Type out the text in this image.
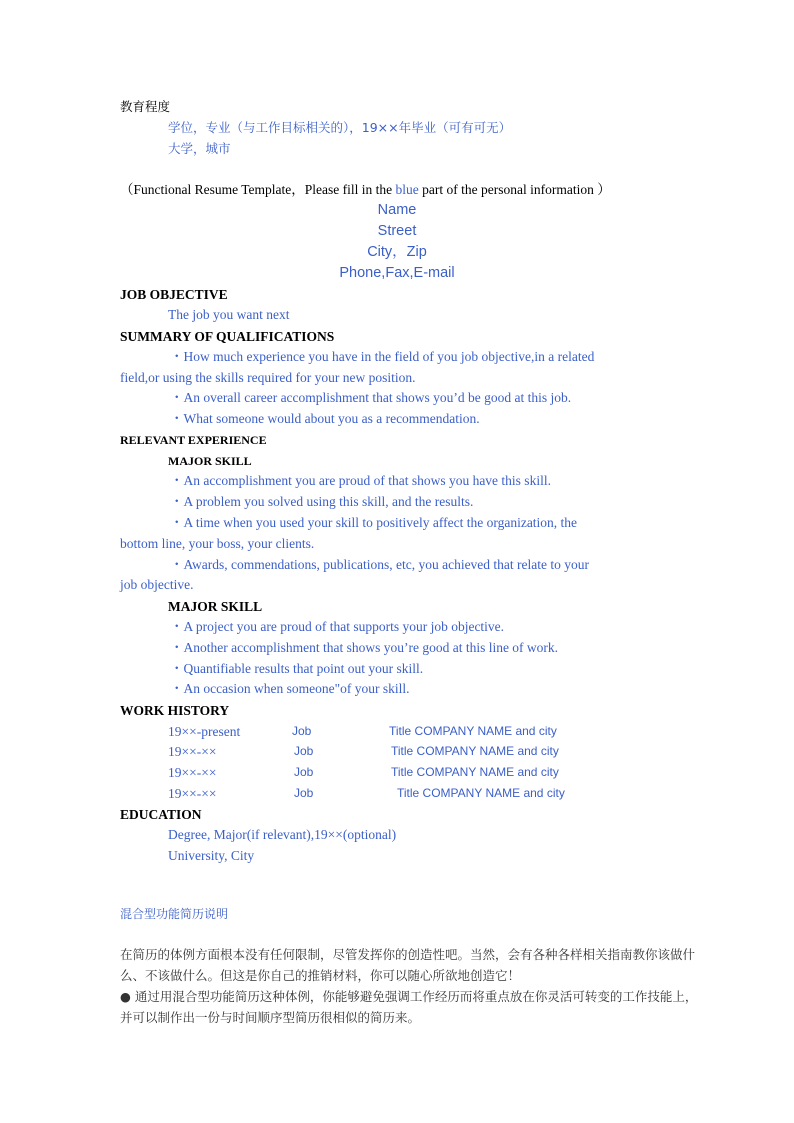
教育程度
学位，专业（与工作目标相关的），19××年毕业（可有可无）
大学，城市
（Functional Resume Template，Please fill in the blue part of the personal information ）
Name
Street
City，Zip
Phone,Fax,E-mail
JOB OBJECTIVE
The job you want next
SUMMARY OF QUALIFICATIONS
・How much experience you have in the field of you job objective,in a related
field,or using the skills required for your new position.
・An overall career accomplishment that shows you’d be good at this job.
・What someone would about you as a recommendation.
RELEVANT EXPERIENCE
MAJOR SKILL
・An accomplishment you are proud of that shows you have this skill.
・A problem you solved using this skill, and the results.
・A time when you used your skill to positively affect the organization, the
bottom line, your boss, your clients.
・Awards, commendations, publications, etc, you achieved that relate to your
job objective.
MAJOR SKILL
・A project you are proud of that supports your job objective.
・Another accomplishment that shows you’re good at this line of work.
・Quantifiable results that point out your skill.
・An occasion when someone"of your skill.
WORK HISTORY
19××-present	Job	Title COMPANY NAME and city
19××-××	Job	Title COMPANY NAME and city
19××-××	Job	Title COMPANY NAME and city
19××-××	Job	Title COMPANY NAME and city
EDUCATION
Degree, Major(if relevant),19××(optional)
University, City
混合型功能简历说明
在简历的体例方面根本没有任何限制，尽管发挥你的创造性吧。当然，会有各种各样相关指南教你该做什
么、不该做什么。但这是你自己的推销材料，你可以随心所欲地创造它！
● 通过用混合型功能简历这种体例，你能够避免强调工作经历而将重点放在你灵活可转变的工作技能上，
并可以制作出一份与时间顺序型简历很相似的简历来。
